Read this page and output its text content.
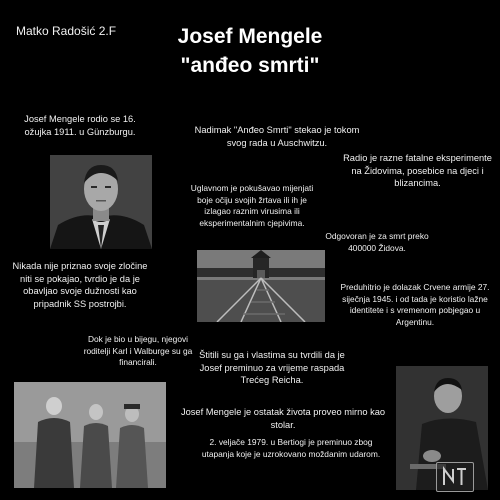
Matko Radošić 2.F	Josef Mengele
"anđeo smrti"
Josef Mengele rodio se 16. ožujka 1911. u Günzburgu.	Nadimak "Anđeo Smrti" stekao je tokom svog rada u Auschwitzu.
Radio je razne fatalne eksperimente na Židovima, posebice na djeci i blizancima.
Uglavnom je pokušavao mijenjati boje očiju svojih žrtava ili ih je izlagao raznim virusima ili eksperimentalnim cjepivima.
Odgovoran je za smrt preko 400000 Židova.
Nikada nije priznao svoje zločine niti se pokajao, tvrdio je da je obavljao svoje dužnosti kao pripadnik SS postrojbi.
Preduhitrio je dolazak Crvene armije 27. siječnja 1945. i od tada je koristio lažne identitete i s vremenom pobjegao u Argentinu.
Dok je bio u bijegu, njegovi roditelji Karl i Walburge su ga financirali.
Štitili su ga i vlastima su tvrdili da je Josef preminuo za vrijeme raspada Trećeg Reicha.
Josef Mengele je ostatak života proveo mirno kao stolar.
2. veljače 1979. u Bertiogi je preminuo zbog utapanja koje je uzrokovano moždanim udarom.
